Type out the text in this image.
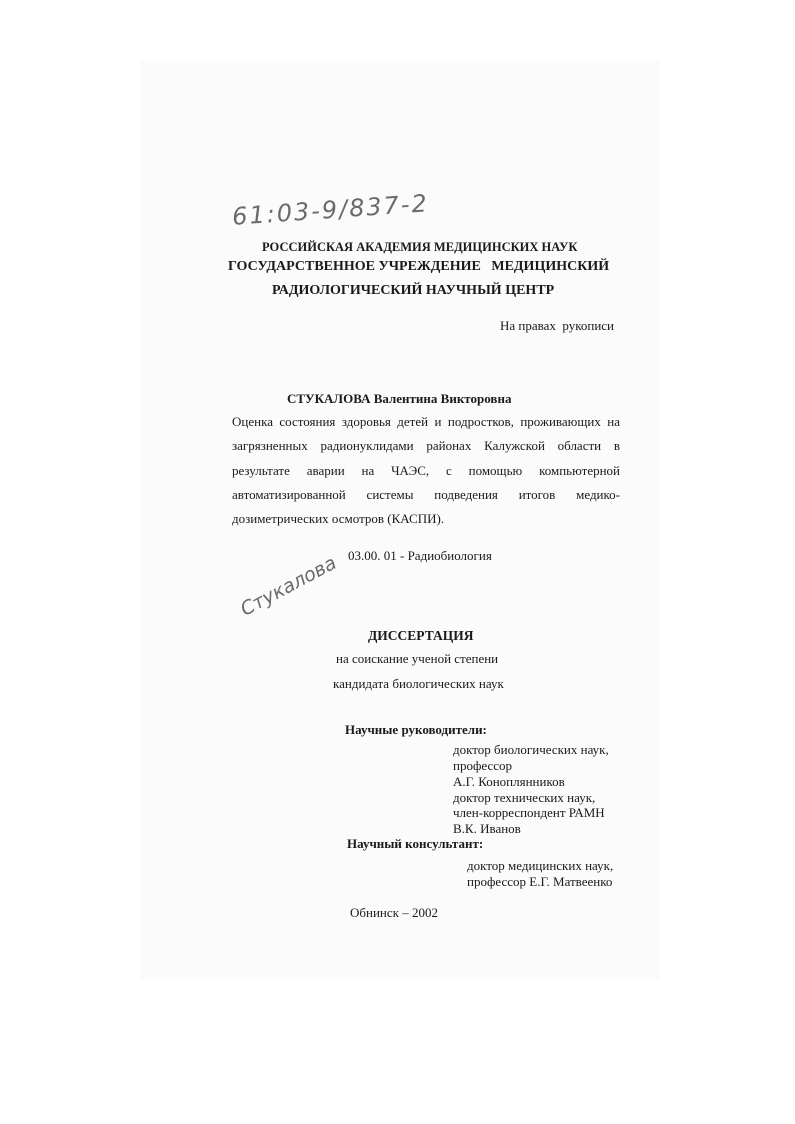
61:03-9/837-2
РОССИЙСКАЯ АКАДЕМИЯ МЕДИЦИНСКИХ НАУК
ГОСУДАРСТВЕННОЕ УЧРЕЖДЕНИЕ   МЕДИЦИНСКИЙ
РАДИОЛОГИЧЕСКИЙ НАУЧНЫЙ ЦЕНТР
На правах  рукописи
СТУКАЛОВА Валентина Викторовна
Оценка состояния здоровья детей и подростков, проживающих на
загрязненных радионуклидами районах Калужской области в
результате аварии на ЧАЭС, с помощью компьютерной
автоматизированной системы подведения итогов медико-
дозиметрических осмотров (КАСПИ).
03.00. 01 - Радиобиология
Стукалова
ДИССЕРТАЦИЯ
на соискание ученой степени
кандидата биологических наук
Научные руководители:
доктор биологических наук,
профессор
А.Г. Коноплянников
доктор технических наук,
член-корреспондент РАМН
В.К. Иванов
Научный консультант:
доктор медицинских наук,
профессор Е.Г. Матвеенко
Обнинск – 2002
